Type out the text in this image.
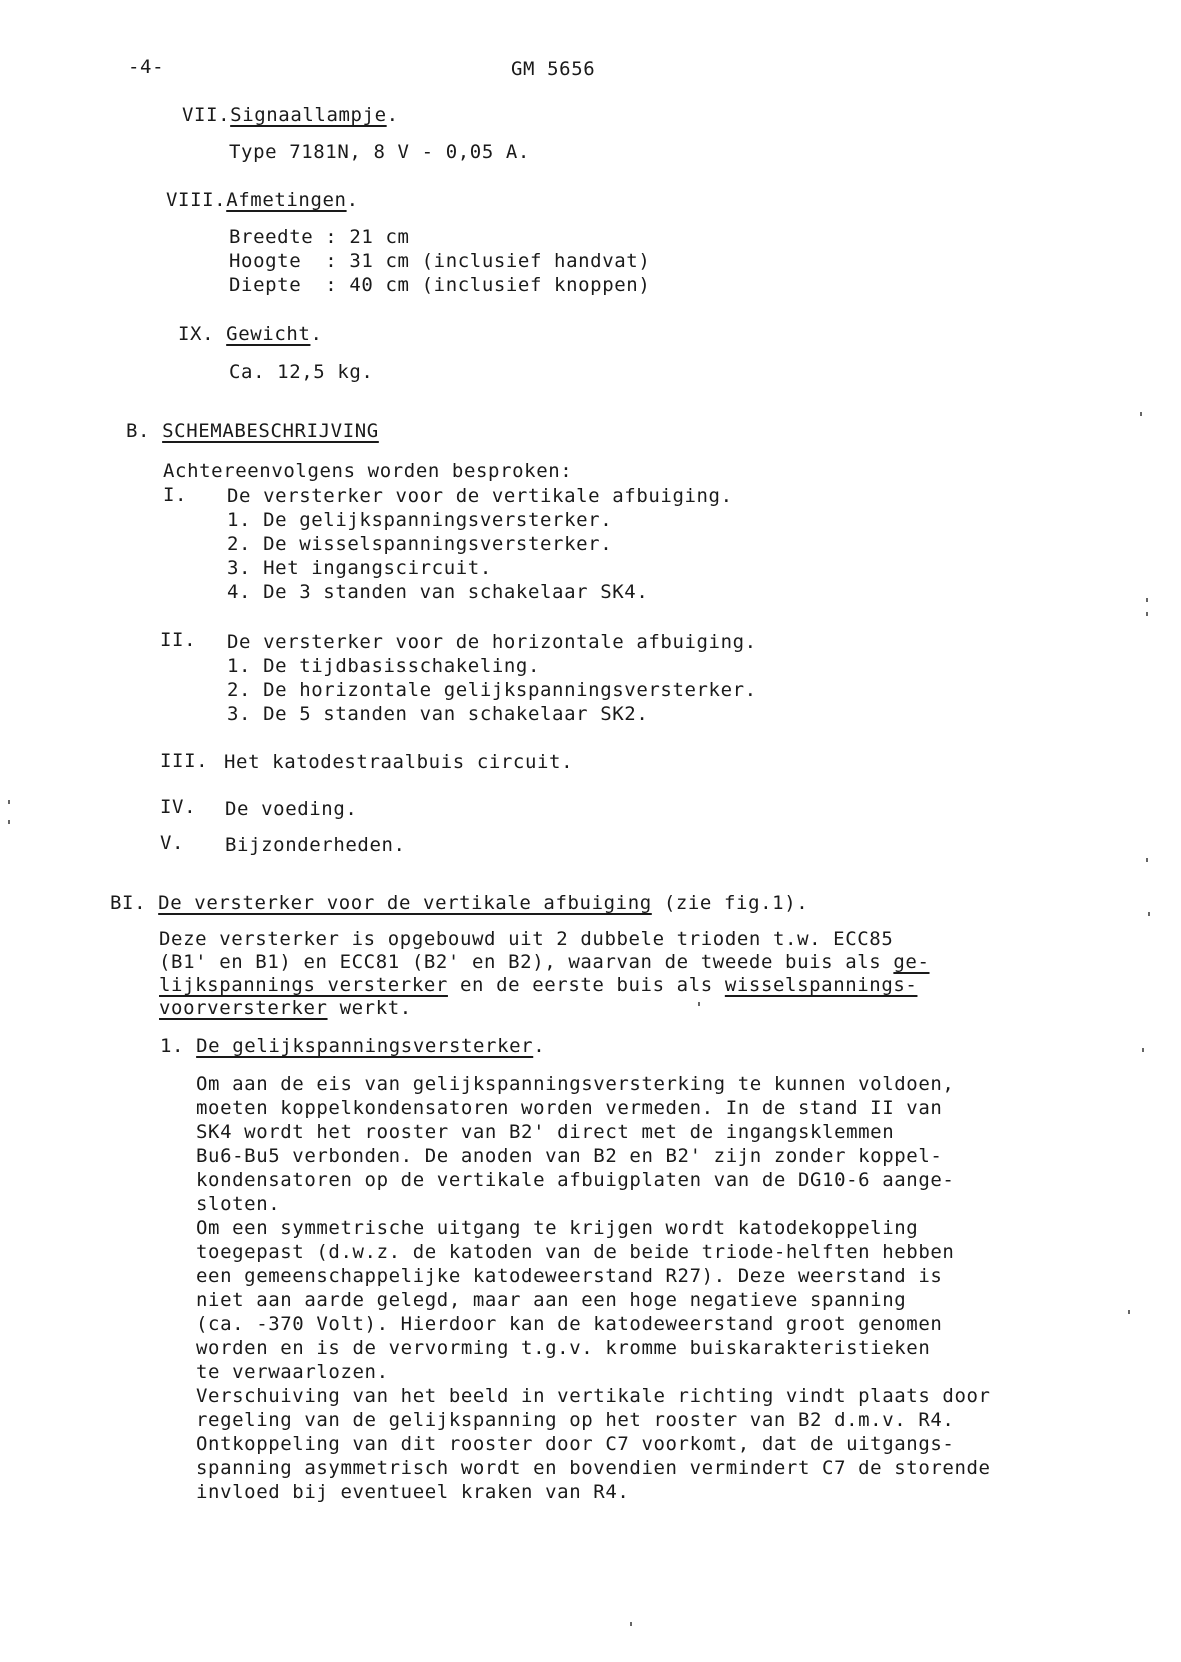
-4-	GM 5656
VII.Signaallampje.
Type 7181N, 8 V - 0,05 A.
VIII.Afmetingen.
Breedte : 21 cm
Hoogte  : 31 cm (inclusief handvat)
Diepte  : 40 cm (inclusief knoppen)
IX. Gewicht.
Ca. 12,5 kg.
B. SCHEMABESCHRIJVING
Achtereenvolgens worden besproken:
I. De versterker voor de vertikale afbuiging.
1. De gelijkspanningsversterker.
2. De wisselspanningsversterker.
3. Het ingangscircuit.
4. De 3 standen van schakelaar SK4.
II. De versterker voor de horizontale afbuiging.
1. De tijdbasisschakeling.
2. De horizontale gelijkspanningsversterker.
3. De 5 standen van schakelaar SK2.
III. Het katodestraalbuis circuit.
IV. De voeding.
V. Bijzonderheden.
BI. De versterker voor de vertikale afbuiging (zie fig.1).
Deze versterker is opgebouwd uit 2 dubbele trioden t.w. ECC85
(B1' en B1) en ECC81 (B2' en B2), waarvan de tweede buis als ge-
lijkspannings versterker en de eerste buis als wisselspannings-
voorversterker werkt.
1. De gelijkspanningsversterker.
Om aan de eis van gelijkspanningsversterking te kunnen voldoen,
moeten koppelkondensatoren worden vermeden. In de stand II van
SK4 wordt het rooster van B2' direct met de ingangsklemmen
Bu6-Bu5 verbonden. De anoden van B2 en B2' zijn zonder koppel-
kondensatoren op de vertikale afbuigplaten van de DG10-6 aange-
sloten.
Om een symmetrische uitgang te krijgen wordt katodekoppeling
toegepast (d.w.z. de katoden van de beide triode-helften hebben
een gemeenschappelijke katodeweerstand R27). Deze weerstand is
niet aan aarde gelegd, maar aan een hoge negatieve spanning
(ca. -370 Volt). Hierdoor kan de katodeweerstand groot genomen
worden en is de vervorming t.g.v. kromme buiskarakteristieken
te verwaarlozen.
Verschuiving van het beeld in vertikale richting vindt plaats door
regeling van de gelijkspanning op het rooster van B2 d.m.v. R4.
Ontkoppeling van dit rooster door C7 voorkomt, dat de uitgangs-
spanning asymmetrisch wordt en bovendien vermindert C7 de storende
invloed bij eventueel kraken van R4.
